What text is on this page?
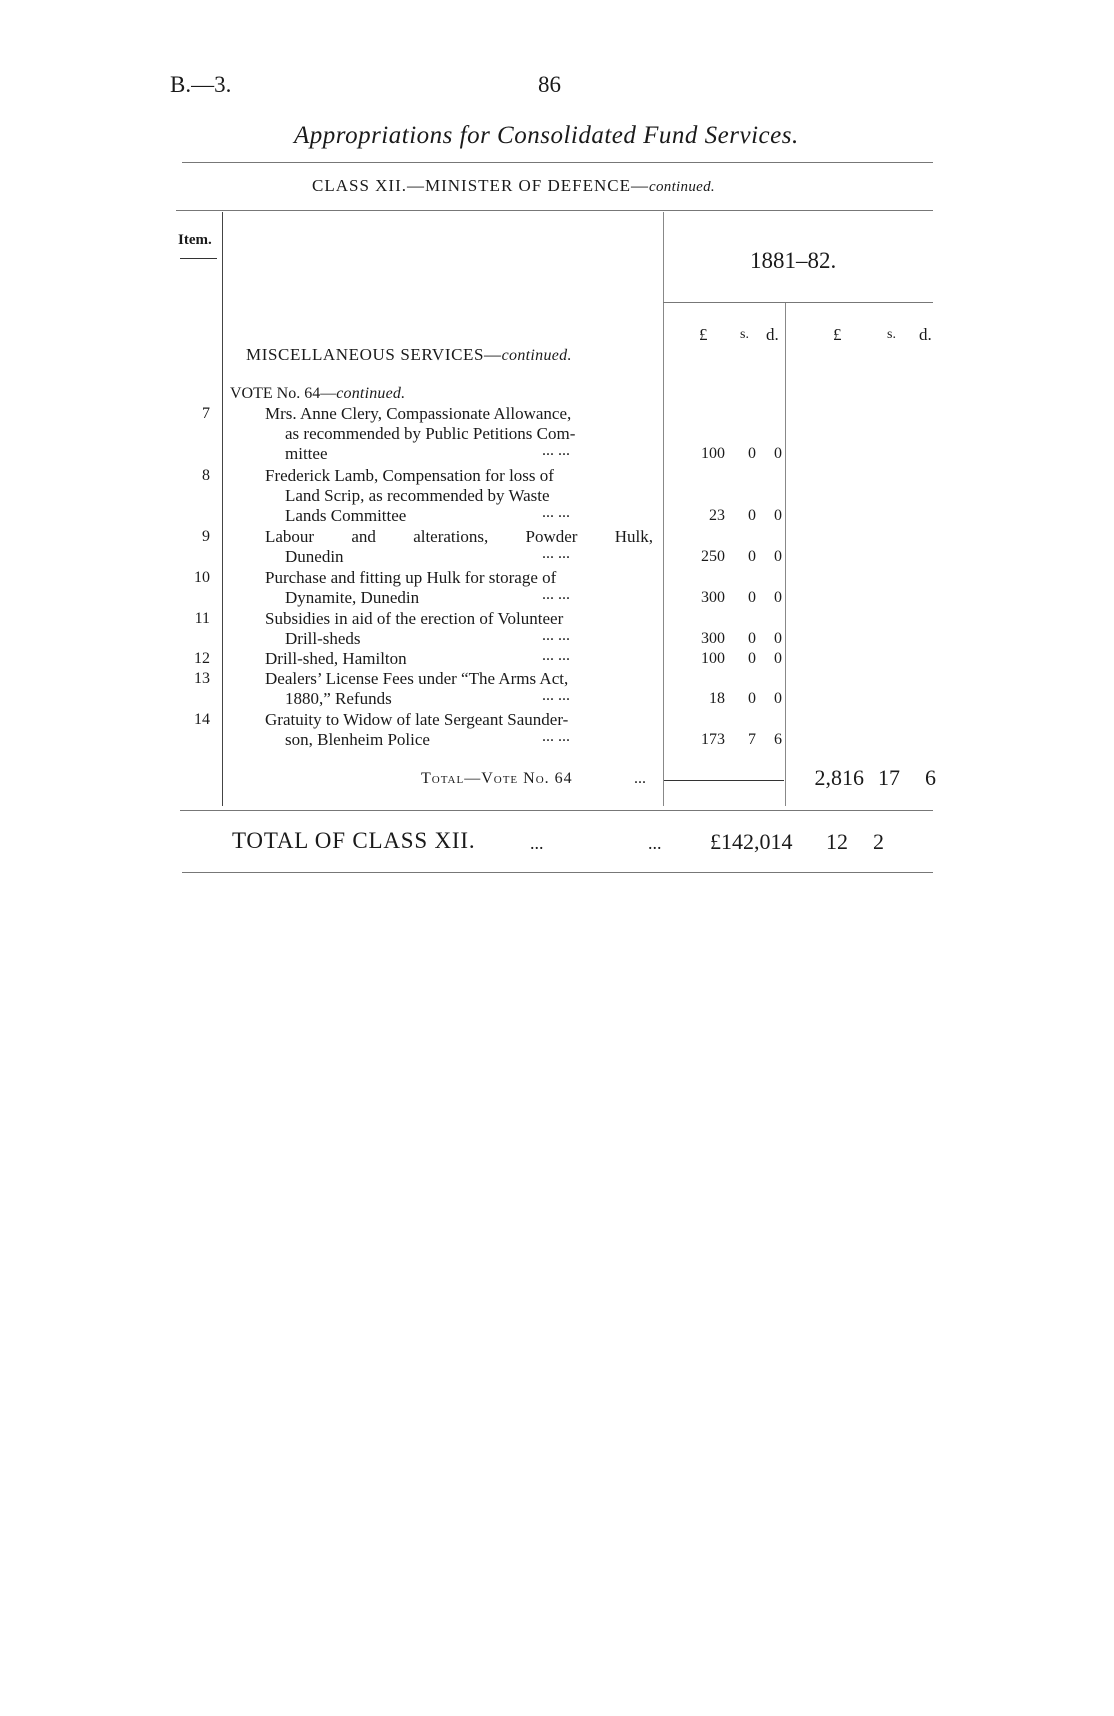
B.—3.	86
Appropriations for Consolidated Fund Services.
CLASS XII.—MINISTER OF DEFENCE—continued.
Item.
1881–82.
£ s. d.	£	s. d.
MISCELLANEOUS SERVICES—continued.
VOTE No. 64—continued.
7	Mrs. Anne Clery, Compassionate Allowance,
as recommended by Public Petitions Com-
mittee	... ...	100	0	0
8	Frederick Lamb, Compensation for loss of
Land Scrip, as recommended by Waste
Lands Committee	... ...	23	0	0
9	Labour and alterations, Powder Hulk,
Dunedin	... ...	250	0	0
10	Purchase and fitting up Hulk for storage of
Dynamite, Dunedin	... ...	300	0	0
11	Subsidies in aid of the erection of Volunteer
Drill-sheds	... ...	300	0	0
12	Drill-shed, Hamilton	... ...	100	0	0
13	Dealers’ License Fees under “The Arms Act,
1880,” Refunds	... ...	18	0	0
14	Gratuity to Widow of late Sergeant Saunder-
son, Blenheim Police	... ...	173	7	6
Total—Vote No. 64	...	2,816 17 6
TOTAL OF CLASS XII.	...	... £142,014	12 2
